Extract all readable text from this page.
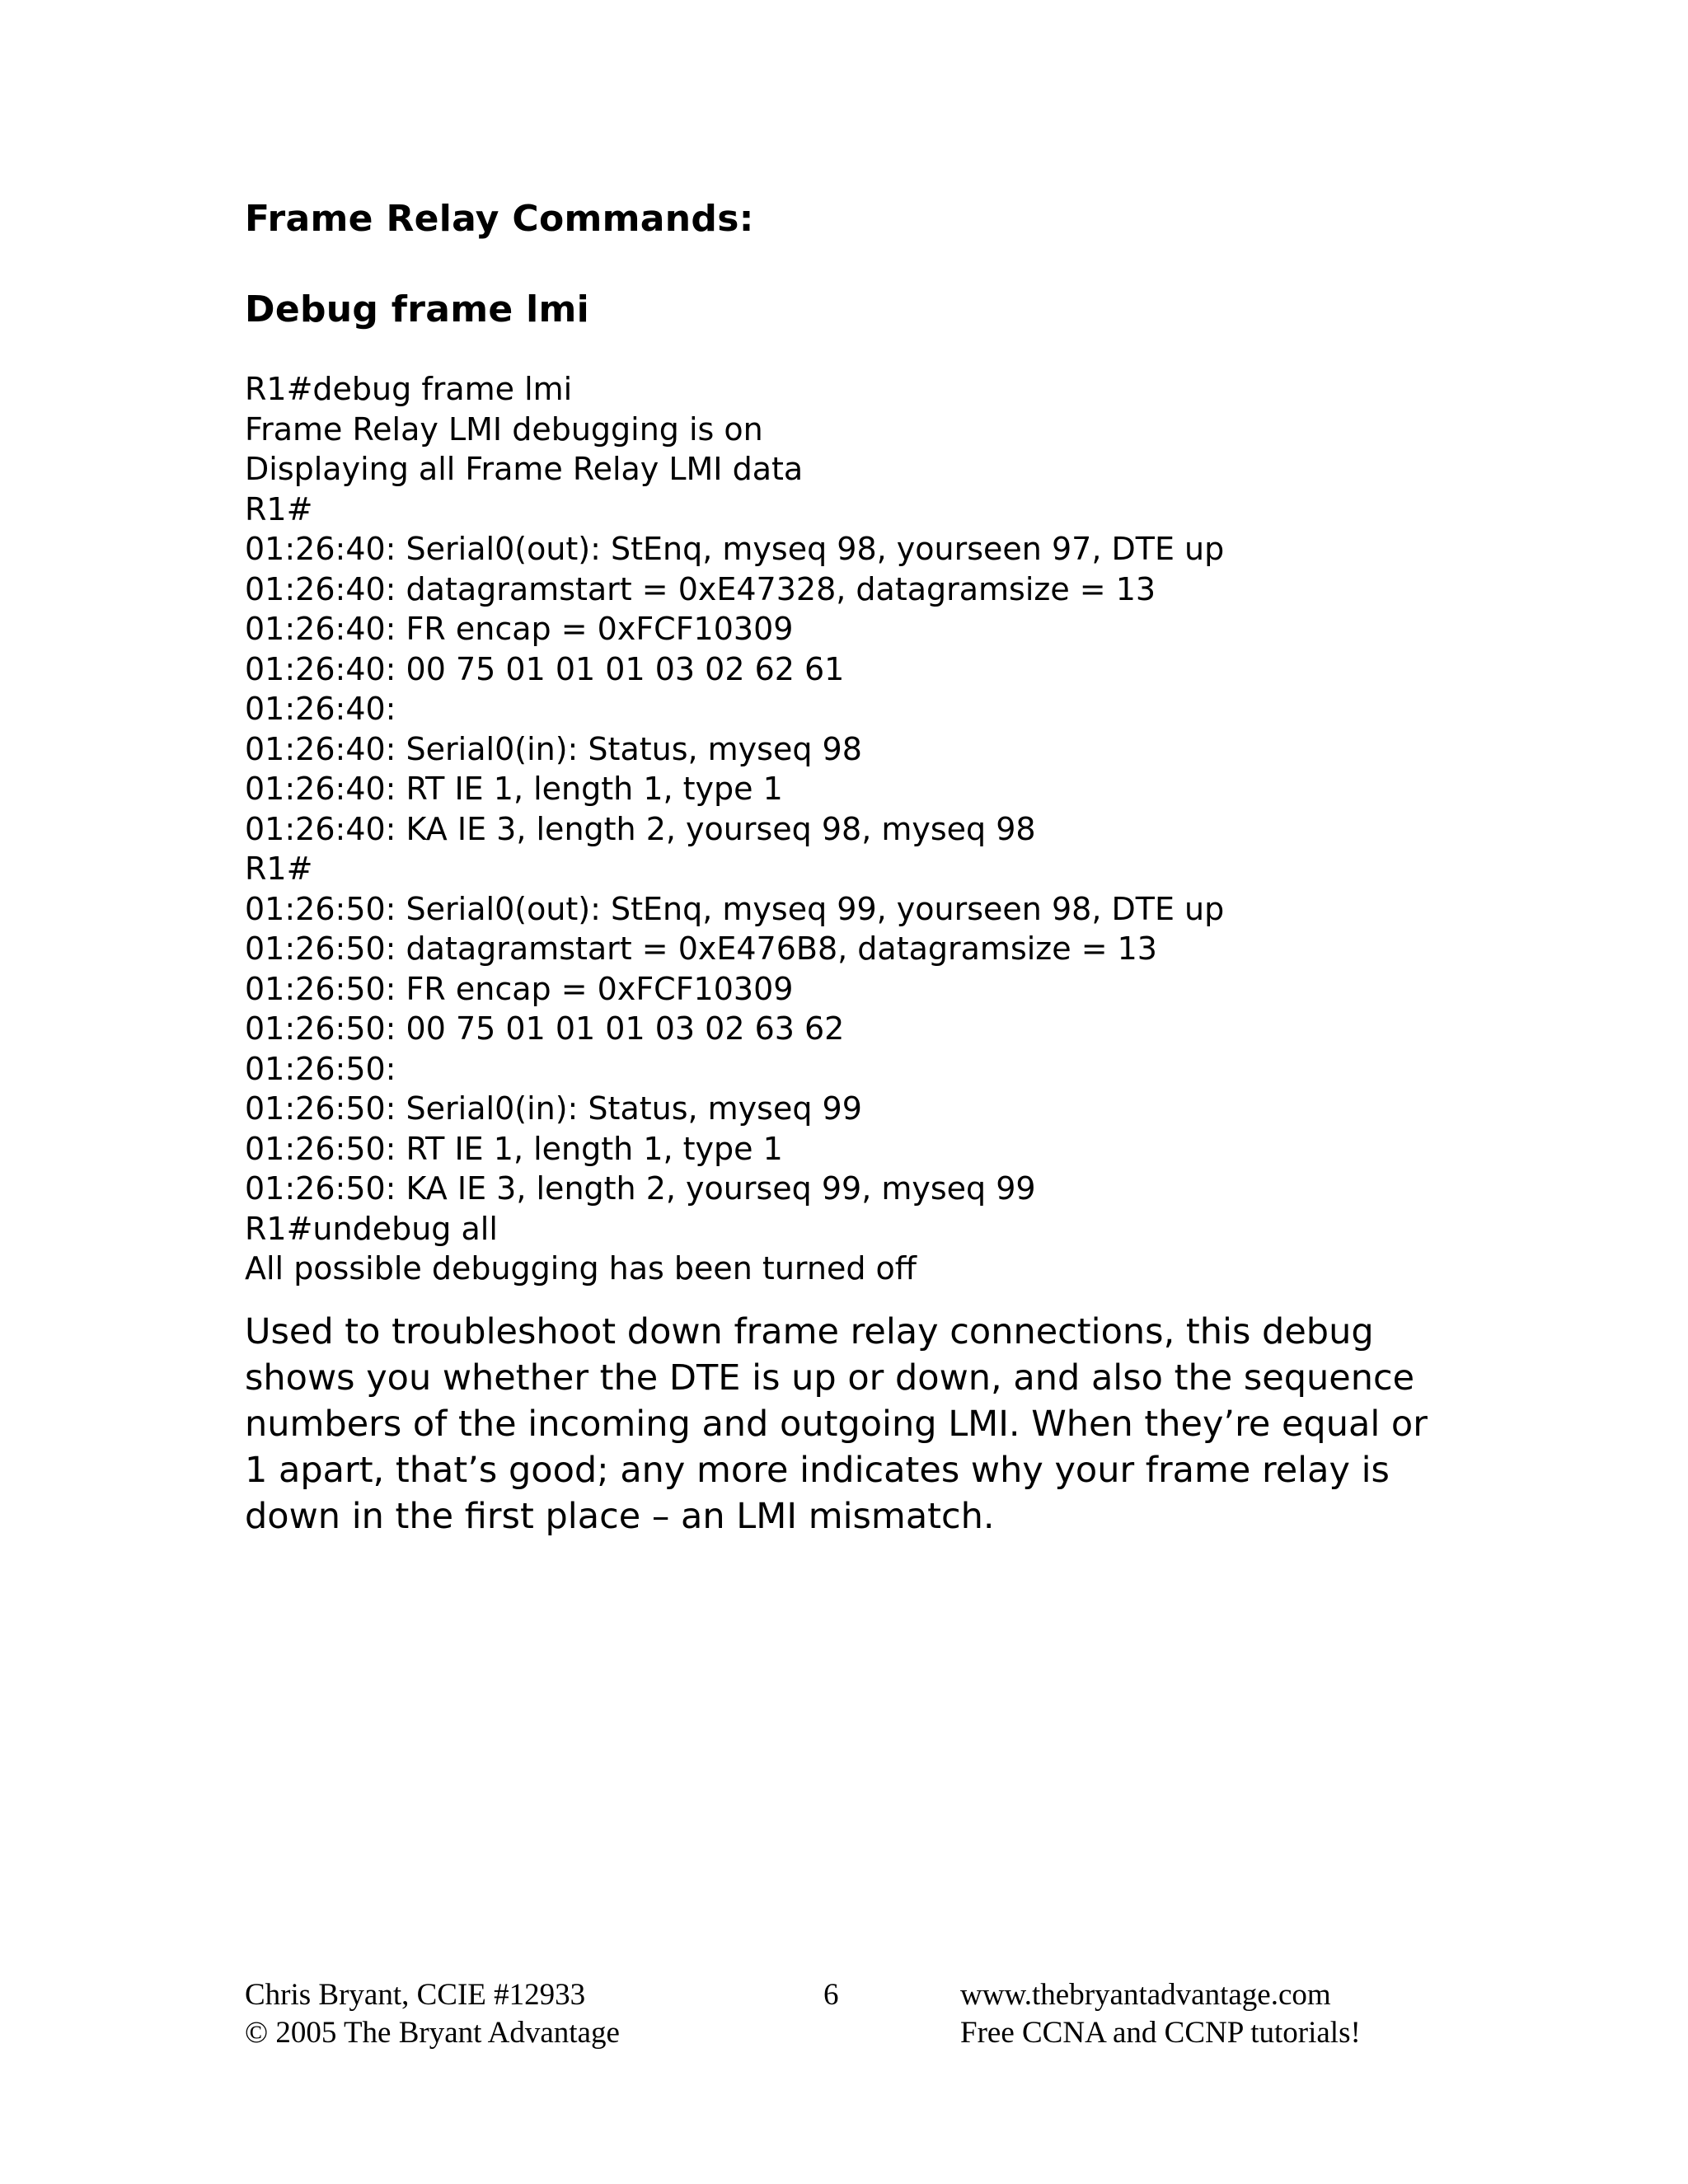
Frame Relay Commands:
Debug frame lmi
R1#debug frame lmi
Frame Relay LMI debugging is on
Displaying all Frame Relay LMI data
R1#
01:26:40: Serial0(out): StEnq, myseq 98, yourseen 97, DTE up
01:26:40: datagramstart = 0xE47328, datagramsize = 13
01:26:40: FR encap = 0xFCF10309
01:26:40: 00 75 01 01 01 03 02 62 61
01:26:40:
01:26:40: Serial0(in): Status, myseq 98
01:26:40: RT IE 1, length 1, type 1
01:26:40: KA IE 3, length 2, yourseq 98, myseq 98
R1#
01:26:50: Serial0(out): StEnq, myseq 99, yourseen 98, DTE up
01:26:50: datagramstart = 0xE476B8, datagramsize = 13
01:26:50: FR encap = 0xFCF10309
01:26:50: 00 75 01 01 01 03 02 63 62
01:26:50:
01:26:50: Serial0(in): Status, myseq 99
01:26:50: RT IE 1, length 1, type 1
01:26:50: KA IE 3, length 2, yourseq 99, myseq 99
R1#undebug all
All possible debugging has been turned off

Used to troubleshoot down frame relay connections, this debug shows you whether the DTE is up or down, and also the sequence numbers of the incoming and outgoing LMI. When they’re equal or 1 apart, that’s good; any more indicates why your frame relay is down in the first place – an LMI mismatch.

Chris Bryant, CCIE #12933
© 2005 The Bryant Advantage
6	www.thebryantadvantage.com
Free CCNA and CCNP tutorials!
